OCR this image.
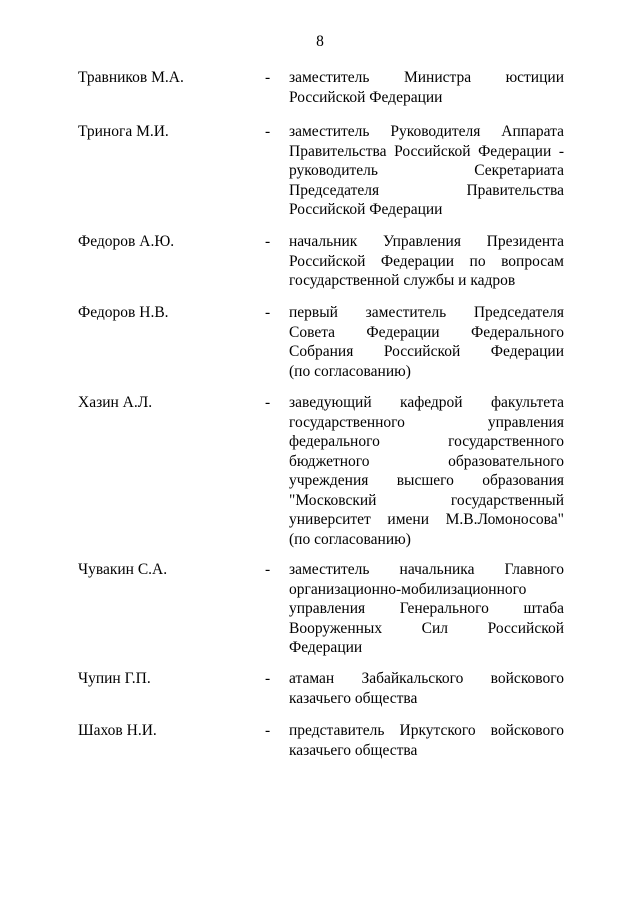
8
Травников М.А.	- заместитель Министра юстиции
Российской Федерации
Тринога М.И.	- заместитель Руководителя Аппарата
Правительства Российской Федерации -
руководитель Секретариата
Председателя Правительства
Российской Федерации
Федоров А.Ю.	- начальник Управления Президента
Российской Федерации по вопросам
государственной службы и кадров
Федоров Н.В.	- первый заместитель Председателя
Совета Федерации Федерального
Собрания Российской Федерации
(по согласованию)
Хазин А.Л.	- заведующий кафедрой факультета
государственного управления
федерального государственного
бюджетного образовательного
учреждения высшего образования
"Московский государственный
университет имени М.В.Ломоносова"
(по согласованию)
Чувакин С.А.	- заместитель начальника Главного
организационно-мобилизационного
управления Генерального штаба
Вооруженных Сил Российской
Федерации
Чупин Г.П.	- атаман Забайкальского войскового
казачьего общества
Шахов Н.И.	- представитель Иркутского войскового
казачьего общества
